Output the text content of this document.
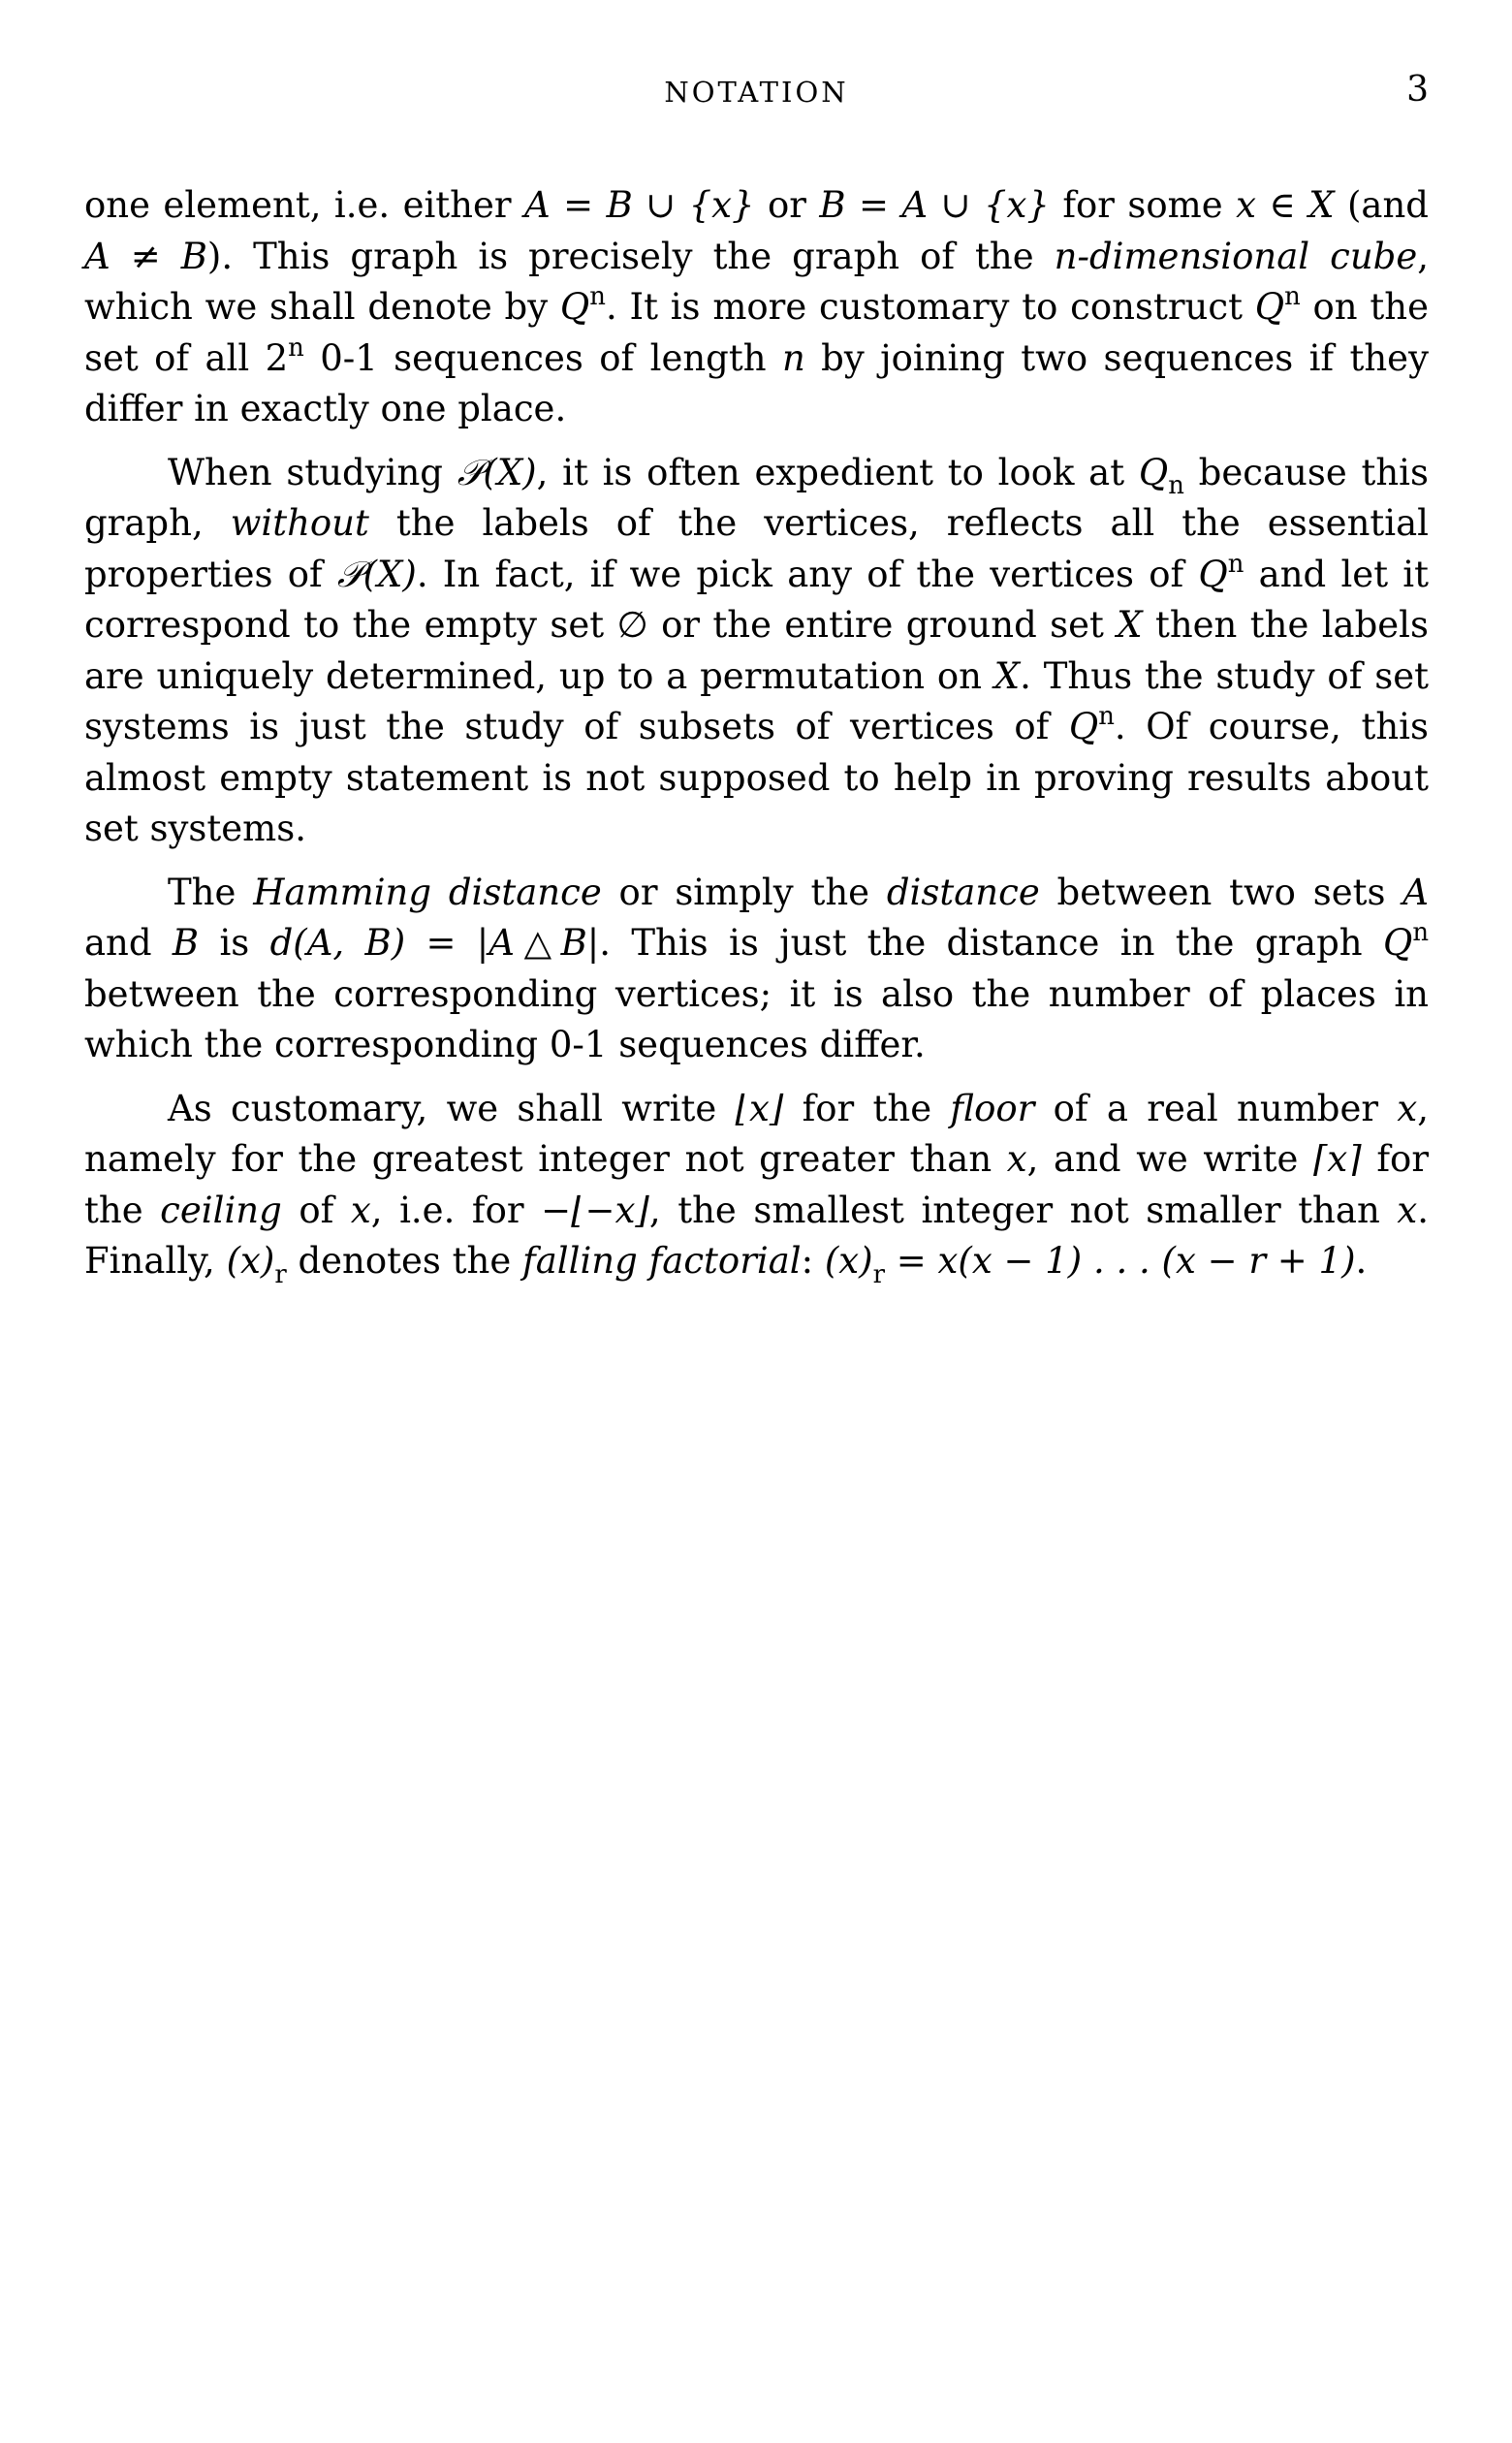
NOTATION	3

one element, i.e. either A = B ∪ {x} or B = A ∪ {x} for some x ∈ X (and A ≠ B). This graph is precisely the graph of the n-dimensional cube, which we shall denote by $Q^n$. It is more customary to construct $Q^n$ on the set of all 2$^n$ 0-1 sequences of length n by joining two sequences if they differ in exactly one place.

When studying 𝒫(X), it is often expedient to look at $Q_n$ because this graph, without the labels of the vertices, reflects all the essential properties of 𝒫(X). In fact, if we pick any of the vertices of $Q^n$ and let it correspond to the empty set ∅ or the entire ground set X then the labels are uniquely determined, up to a permutation on X. Thus the study of set systems is just the study of subsets of vertices of $Q^n$. Of course, this almost empty statement is not supposed to help in proving results about set systems.

The Hamming distance or simply the distance between two sets A and B is d(A, B) = |A△B|. This is just the distance in the graph $Q^n$ between the corresponding vertices; it is also the number of places in which the corresponding 0-1 sequences differ.

As customary, we shall write ⌊x⌋ for the floor of a real number x, namely for the greatest integer not greater than x, and we write ⌈x⌉ for the ceiling of x, i.e. for −⌊−x⌋, the smallest integer not smaller than x. Finally, $(x)_r$ denotes the falling factorial: $(x)_r = x(x - 1)$ . . . (x − r + 1).
